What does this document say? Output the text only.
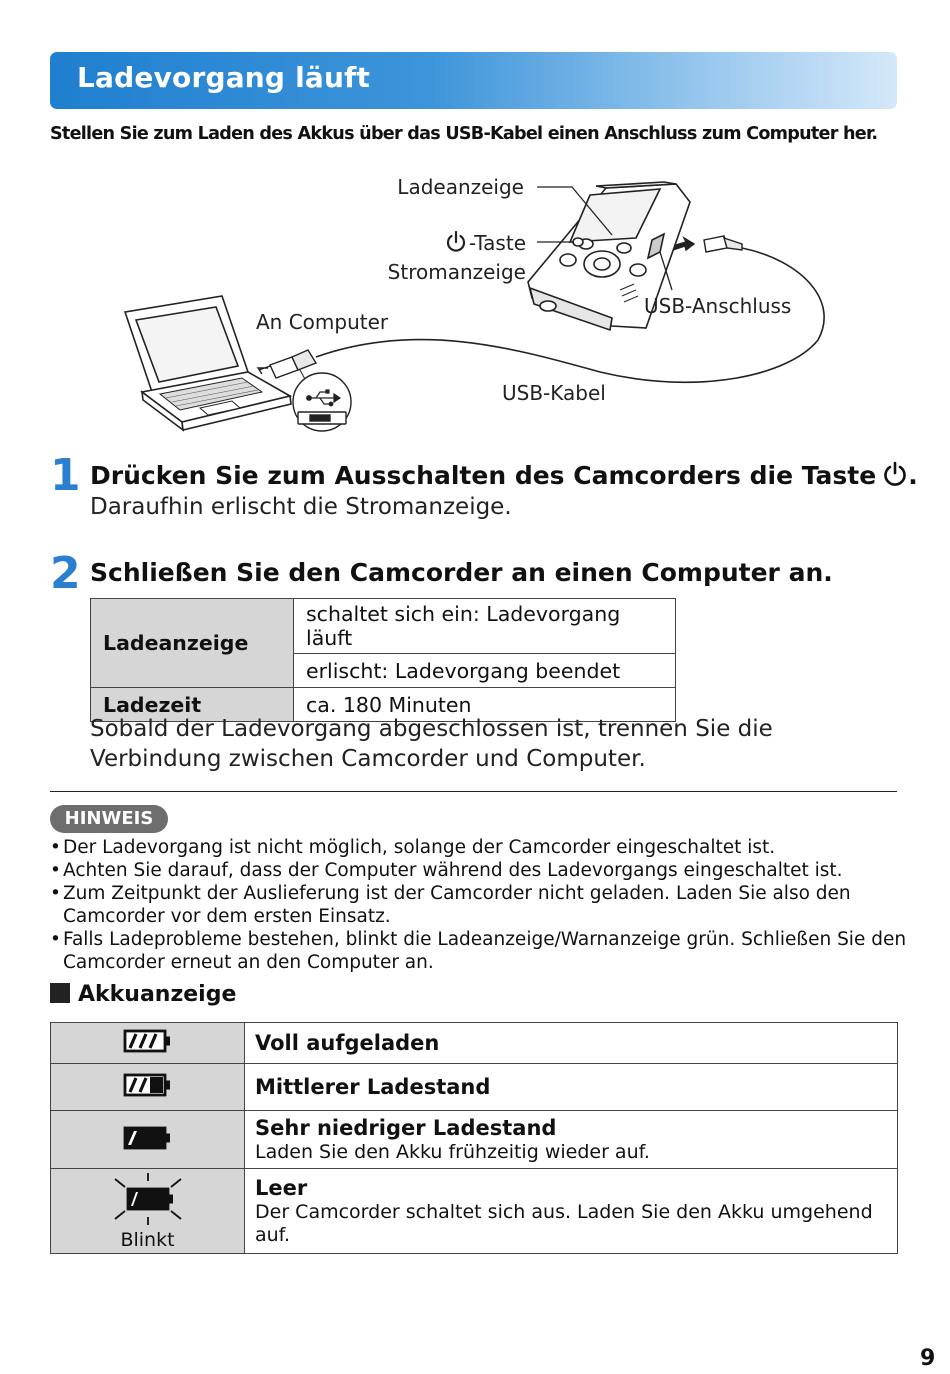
Ladevorgang läuft

Stellen Sie zum Laden des Akkus über das USB-Kabel einen Anschluss zum Computer her.

Ladeanzeige
-Taste
Stromanzeige
USB-Anschluss
An Computer
USB-Kabel
1 Drücken Sie zum Ausschalten des Camcorders die Taste .

Daraufhin erlischt die Stromanzeige.

2 Schließen Sie den Camcorder an einen Computer an.
Ladeanzeige	schaltet sich ein: Ladevorgang läuft
	erlischt: Ladevorgang beendet
Ladezeit	ca. 180 Minuten

Sobald der Ladevorgang abgeschlossen ist, trennen Sie die Verbindung zwischen Camcorder und Computer.

HINWEIS
• Der Ladevorgang ist nicht möglich, solange der Camcorder eingeschaltet ist.
• Achten Sie darauf, dass der Computer während des Ladevorgangs eingeschaltet ist.
• Zum Zeitpunkt der Auslieferung ist der Camcorder nicht geladen. Laden Sie also den Camcorder vor dem ersten Einsatz.
• Falls Ladeprobleme bestehen, blinkt die Ladeanzeige/Warnanzeige grün. Schließen Sie den Camcorder erneut an den Computer an.
Akkuanzeige

Voll aufgeladen

Mittlerer Ladestand

Sehr niedriger Ladestand
Laden Sie den Akku frühzeitig wieder auf.

Blinkt	Leer
Der Camcorder schaltet sich aus. Laden Sie den Akku umgehend auf.
9
